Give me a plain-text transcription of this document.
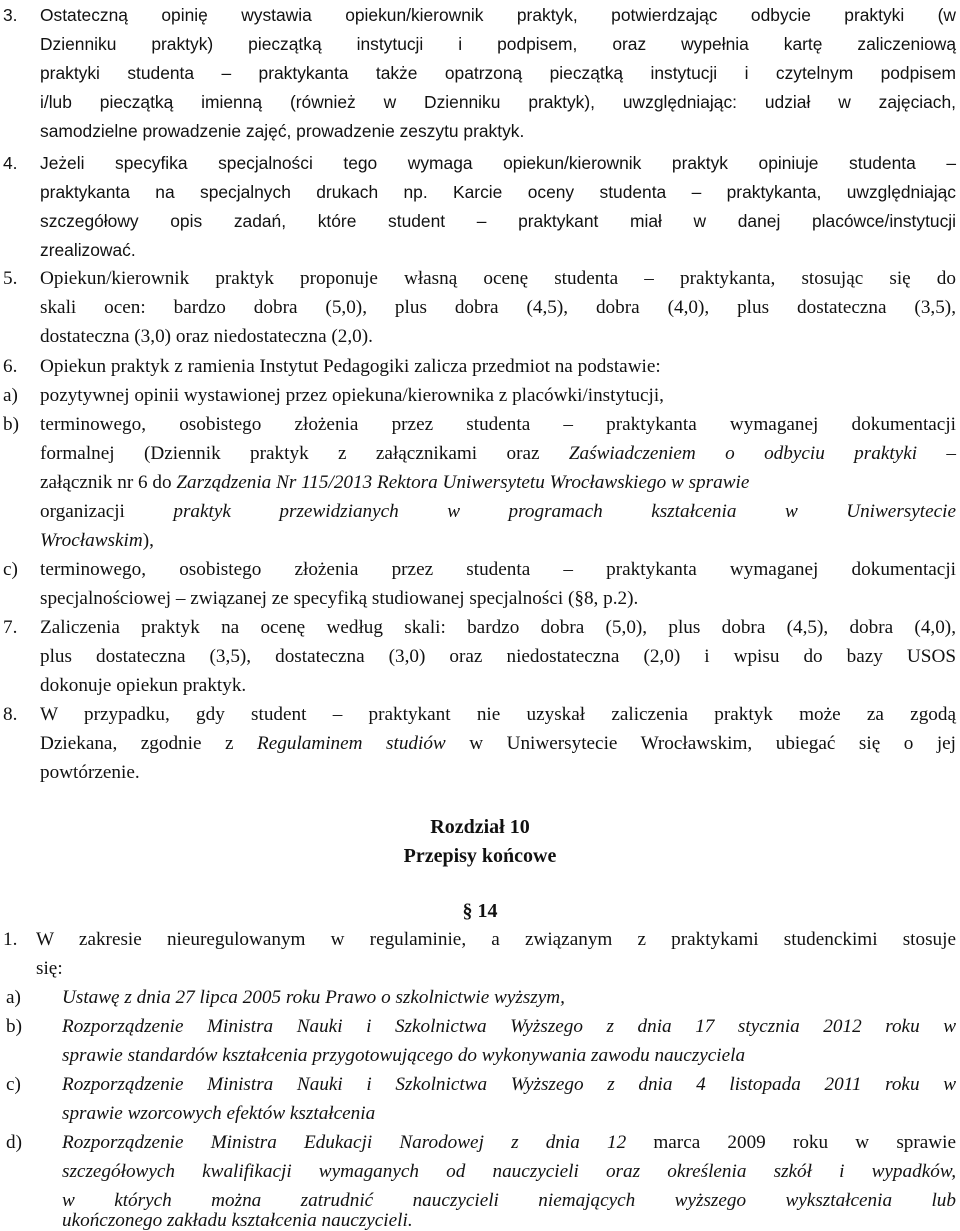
3. Ostateczną opinię wystawia opiekun/kierownik praktyk, potwierdzając odbycie praktyki (w
Dzienniku praktyk) pieczątką instytucji i podpisem, oraz wypełnia kartę zaliczeniową
praktyki studenta – praktykanta także opatrzoną pieczątką instytucji i czytelnym podpisem
i/lub pieczątką imienną (również w Dzienniku praktyk), uwzględniając: udział w zajęciach,
samodzielne prowadzenie zajęć, prowadzenie zeszytu praktyk.
4. Jeżeli specyfika specjalności tego wymaga opiekun/kierownik praktyk opiniuje studenta –
praktykanta na specjalnych drukach np. Karcie oceny studenta – praktykanta, uwzględniając
szczegółowy opis zadań, które student – praktykant miał w danej placówce/instytucji
zrealizować.
5. Opiekun/kierownik praktyk proponuje własną ocenę studenta – praktykanta, stosując się do
skali ocen: bardzo dobra (5,0), plus dobra (4,5), dobra (4,0), plus dostateczna (3,5),
dostateczna (3,0) oraz niedostateczna (2,0).
6. Opiekun praktyk z ramienia Instytut Pedagogiki zalicza przedmiot na podstawie:
a) pozytywnej opinii wystawionej przez opiekuna/kierownika z placówki/instytucji,
b) terminowego, osobistego złożenia przez studenta – praktykanta wymaganej dokumentacji
formalnej (Dziennik praktyk z załącznikami oraz Zaświadczeniem o odbyciu praktyki –
załącznik nr 6 do Zarządzenia Nr 115/2013 Rektora Uniwersytetu Wrocławskiego w sprawie
organizacji praktyk przewidzianych w programach kształcenia w Uniwersytecie
Wrocławskim),
c) terminowego, osobistego złożenia przez studenta – praktykanta wymaganej dokumentacji
specjalnościowej – związanej ze specyfiką studiowanej specjalności (§8, p.2).
7. Zaliczenia praktyk na ocenę według skali: bardzo dobra (5,0), plus dobra (4,5), dobra (4,0),
plus dostateczna (3,5), dostateczna (3,0) oraz niedostateczna (2,0) i wpisu do bazy USOS
dokonuje opiekun praktyk.
8. W przypadku, gdy student – praktykant nie uzyskał zaliczenia praktyk może za zgodą
Dziekana, zgodnie z Regulaminem studiów w Uniwersytecie Wrocławskim, ubiegać się o jej
powtórzenie.
Rozdział 10
Przepisy końcowe
§ 14
1. W zakresie nieuregulowanym w regulaminie, a związanym z praktykami studenckimi stosuje
się:
a) Ustawę z dnia 27 lipca 2005 roku Prawo o szkolnictwie wyższym,
b) Rozporządzenie Ministra Nauki i Szkolnictwa Wyższego z dnia 17 stycznia 2012 roku w
sprawie standardów kształcenia przygotowującego do wykonywania zawodu nauczyciela
c) Rozporządzenie Ministra Nauki i Szkolnictwa Wyższego z dnia 4 listopada 2011 roku w
sprawie wzorcowych efektów kształcenia
d) Rozporządzenie Ministra Edukacji Narodowej z dnia 12 marca 2009 roku w sprawie
szczegółowych kwalifikacji wymaganych od nauczycieli oraz określenia szkół i wypadków,
w których można zatrudnić nauczycieli niemających wyższego wykształcenia lub
ukończonego zakładu kształcenia nauczycieli.
